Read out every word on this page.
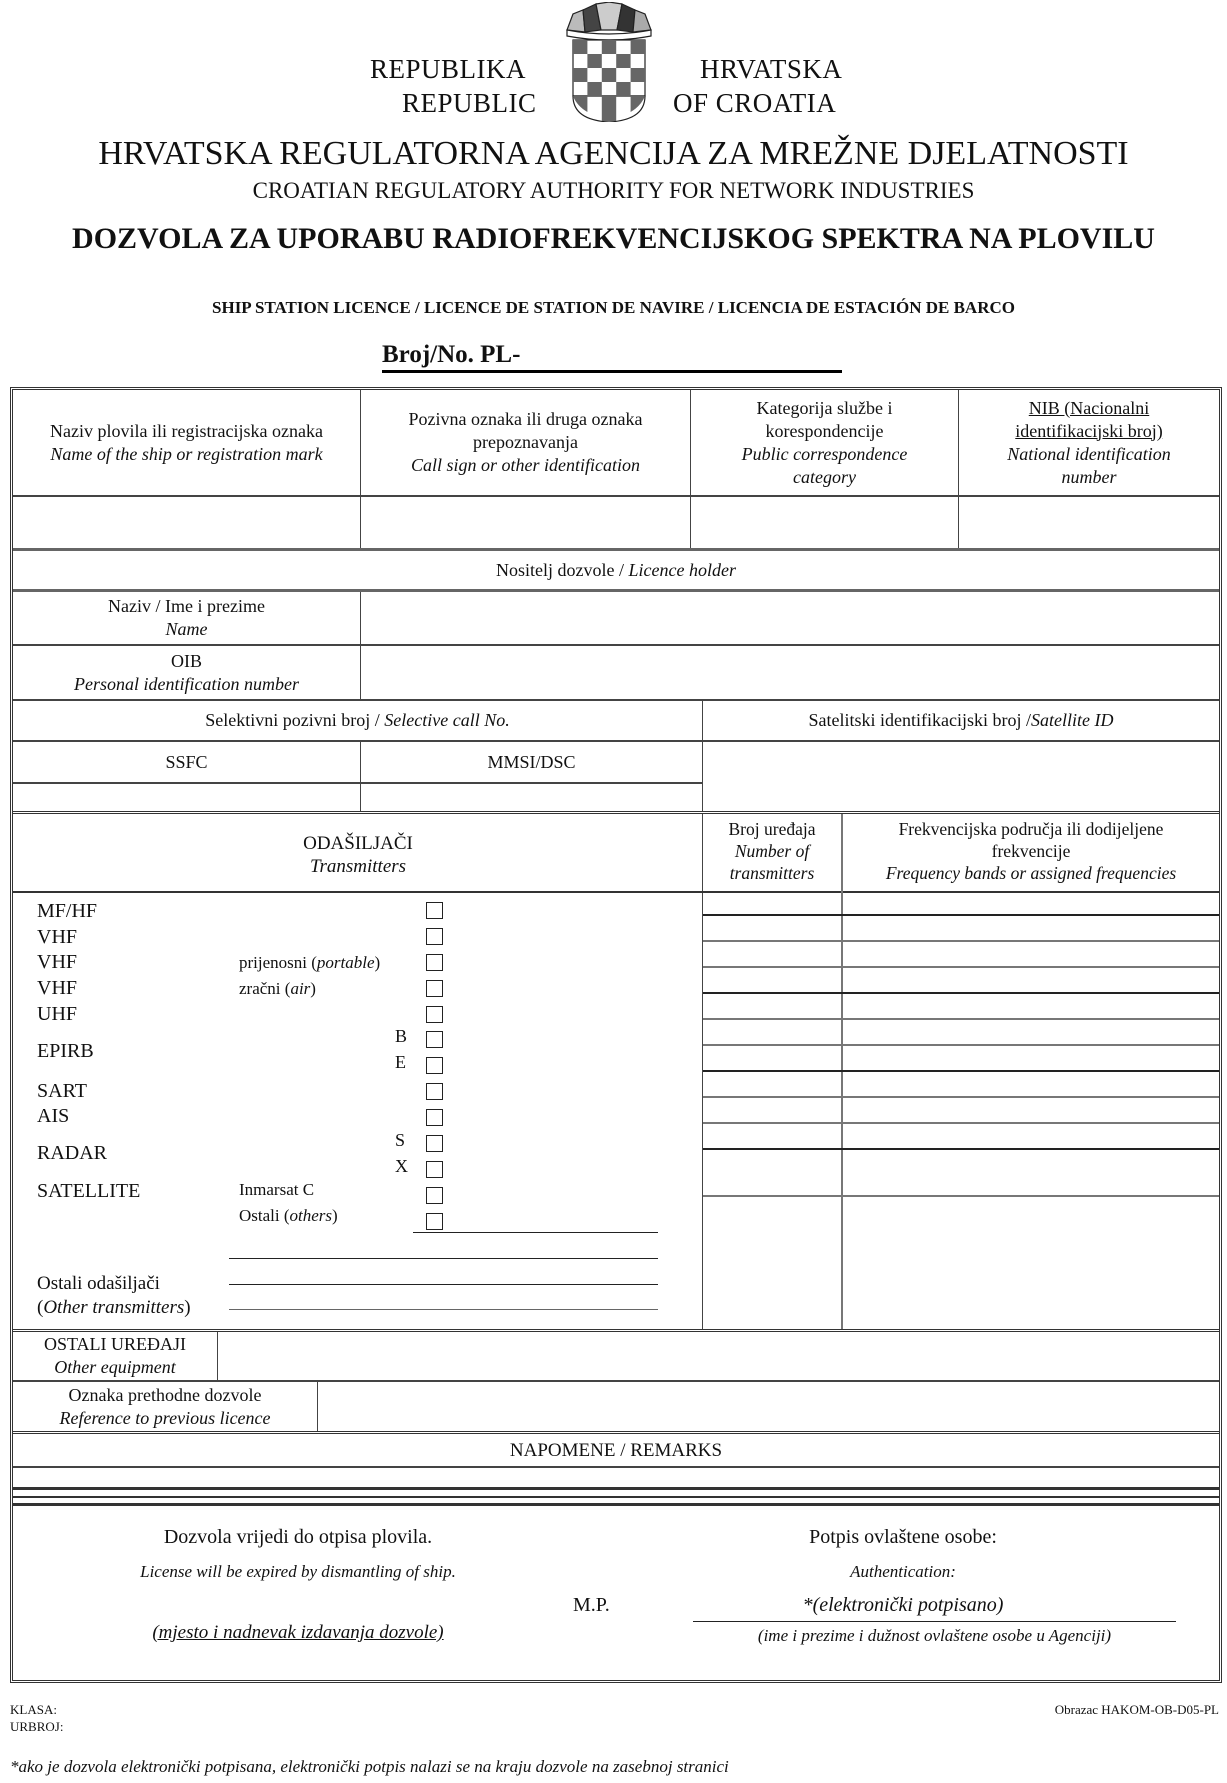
REPUBLIKA
REPUBLIC
HRVATSKA
OF CROATIA
HRVATSKA REGULATORNA AGENCIJA ZA MREŽNE DJELATNOSTI
CROATIAN REGULATORY AUTHORITY FOR NETWORK INDUSTRIES
DOZVOLA ZA UPORABU RADIOFREKVENCIJSKOG SPEKTRA NA PLOVILU
SHIP STATION LICENCE / LICENCE DE STATION DE NAVIRE / LICENCIA DE ESTACIÓN DE BARCO
Broj/No. PL-
Naziv plovila ili registracijska oznaka
Name of the ship or registration mark
Pozivna oznaka ili druga oznaka prepoznavanja
Call sign or other identification
Kategorija službe i korespondencije
Public correspondence category
NIB (Nacionalni identifikacijski broj)
National identification number
Nositelj dozvole / Licence holder
Naziv / Ime i prezime
Name
OIB
Personal identification number
Selektivni pozivni broj /
Selective call No.
SSFC	MMSI/DSC
Satelitski identifikacijski broj / Satellite ID
ODAŠILJAČI
Transmitters
MF/HF
VHF
VHF
VHF
UHF
EPIRB
SART
AIS
RADAR
SATELLITE
prijenosni (portable)
zračni (air)
Inmarsat C
Ostali (others)
B
E
S
X
Ostali odašiljači
(Other transmitters)
Broj uređaja
Number of transmitters
Frekvencijska područja ili dodijeljene frekvencije
Frequency bands or assigned frequencies
OSTALI UREĐAJI
Other equipment
Oznaka prethodne dozvole
Reference to previous licence
NAPOMENE / REMARKS
Dozvola vrijedi do otpisa plovila.
License will be expired by dismantling of ship.
(mjesto i nadnevak izdavanja dozvole)
M.P.
Potpis ovlaštene osobe:
Authentication:
*(elektronički potpisano)
(ime i prezime i dužnost ovlaštene osobe u Agenciji)
KLASA:
URBROJ:
Obrazac HAKOM-OB-D05-PL
*ako je dozvola elektronički potpisana, elektronički potpis nalazi se na kraju dozvole na zasebnoj stranici
